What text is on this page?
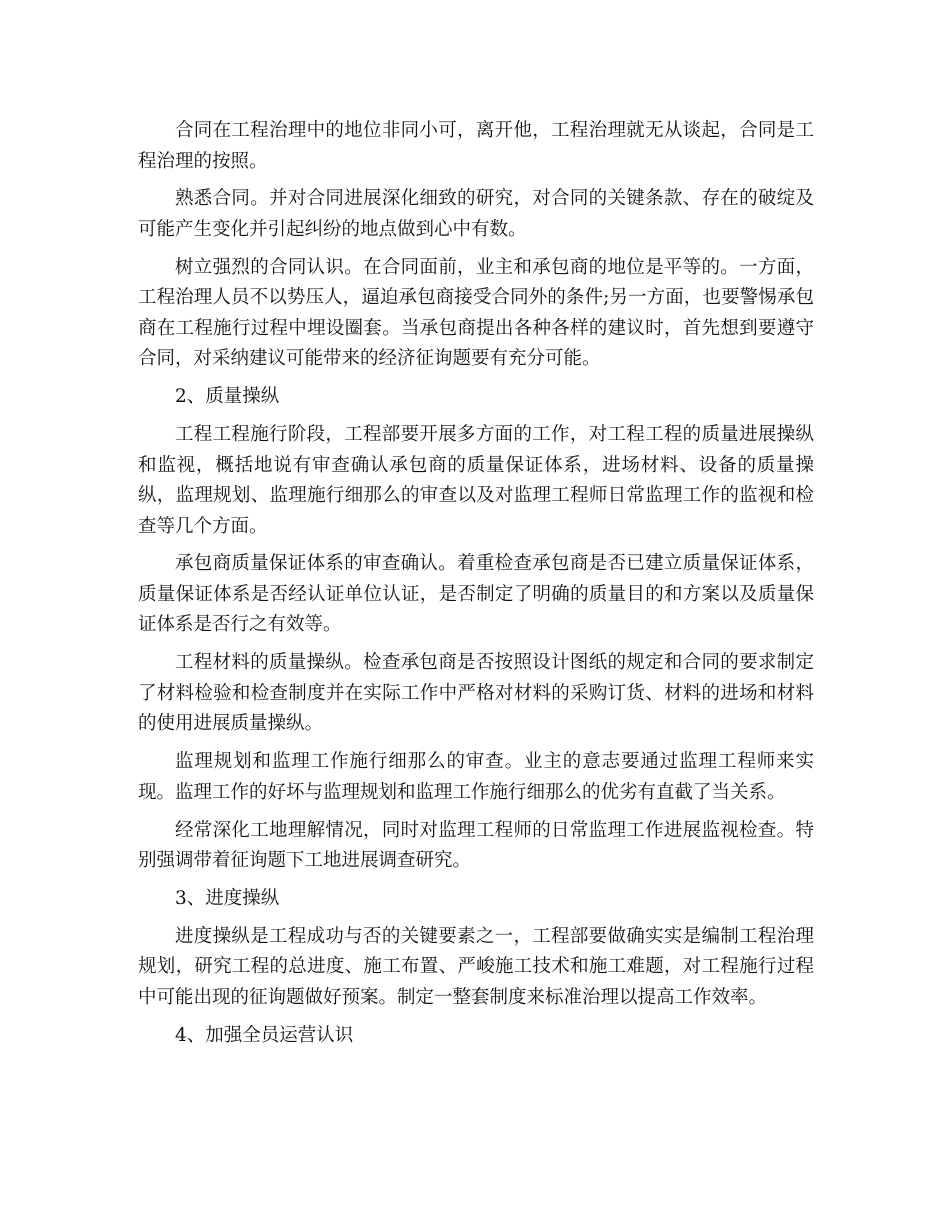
合同在工程治理中的地位非同小可，离开他，工程治理就无从谈起，合同是工程治理的按照。

熟悉合同。并对合同进展深化细致的研究，对合同的关键条款、存在的破绽及可能产生变化并引起纠纷的地点做到心中有数。

树立强烈的合同认识。在合同面前，业主和承包商的地位是平等的。一方面，工程治理人员不以势压人，逼迫承包商接受合同外的条件;另一方面，也要警惕承包商在工程施行过程中埋设圈套。当承包商提出各种各样的建议时，首先想到要遵守合同，对采纳建议可能带来的经济征询题要有充分可能。

2、质量操纵

工程工程施行阶段，工程部要开展多方面的工作，对工程工程的质量进展操纵和监视，概括地说有审查确认承包商的质量保证体系，进场材料、设备的质量操纵，监理规划、监理施行细那么的审查以及对监理工程师日常监理工作的监视和检查等几个方面。

承包商质量保证体系的审查确认。着重检查承包商是否已建立质量保证体系，质量保证体系是否经认证单位认证，是否制定了明确的质量目的和方案以及质量保证体系是否行之有效等。

工程材料的质量操纵。检查承包商是否按照设计图纸的规定和合同的要求制定了材料检验和检查制度并在实际工作中严格对材料的采购订货、材料的进场和材料的使用进展质量操纵。

监理规划和监理工作施行细那么的审查。业主的意志要通过监理工程师来实现。监理工作的好坏与监理规划和监理工作施行细那么的优劣有直截了当关系。

经常深化工地理解情况，同时对监理工程师的日常监理工作进展监视检查。特别强调带着征询题下工地进展调查研究。

3、进度操纵

进度操纵是工程成功与否的关键要素之一，工程部要做确实实是编制工程治理规划，研究工程的总进度、施工布置、严峻施工技术和施工难题，对工程施行过程中可能出现的征询题做好预案。制定一整套制度来标准治理以提高工作效率。

4、加强全员运营认识
